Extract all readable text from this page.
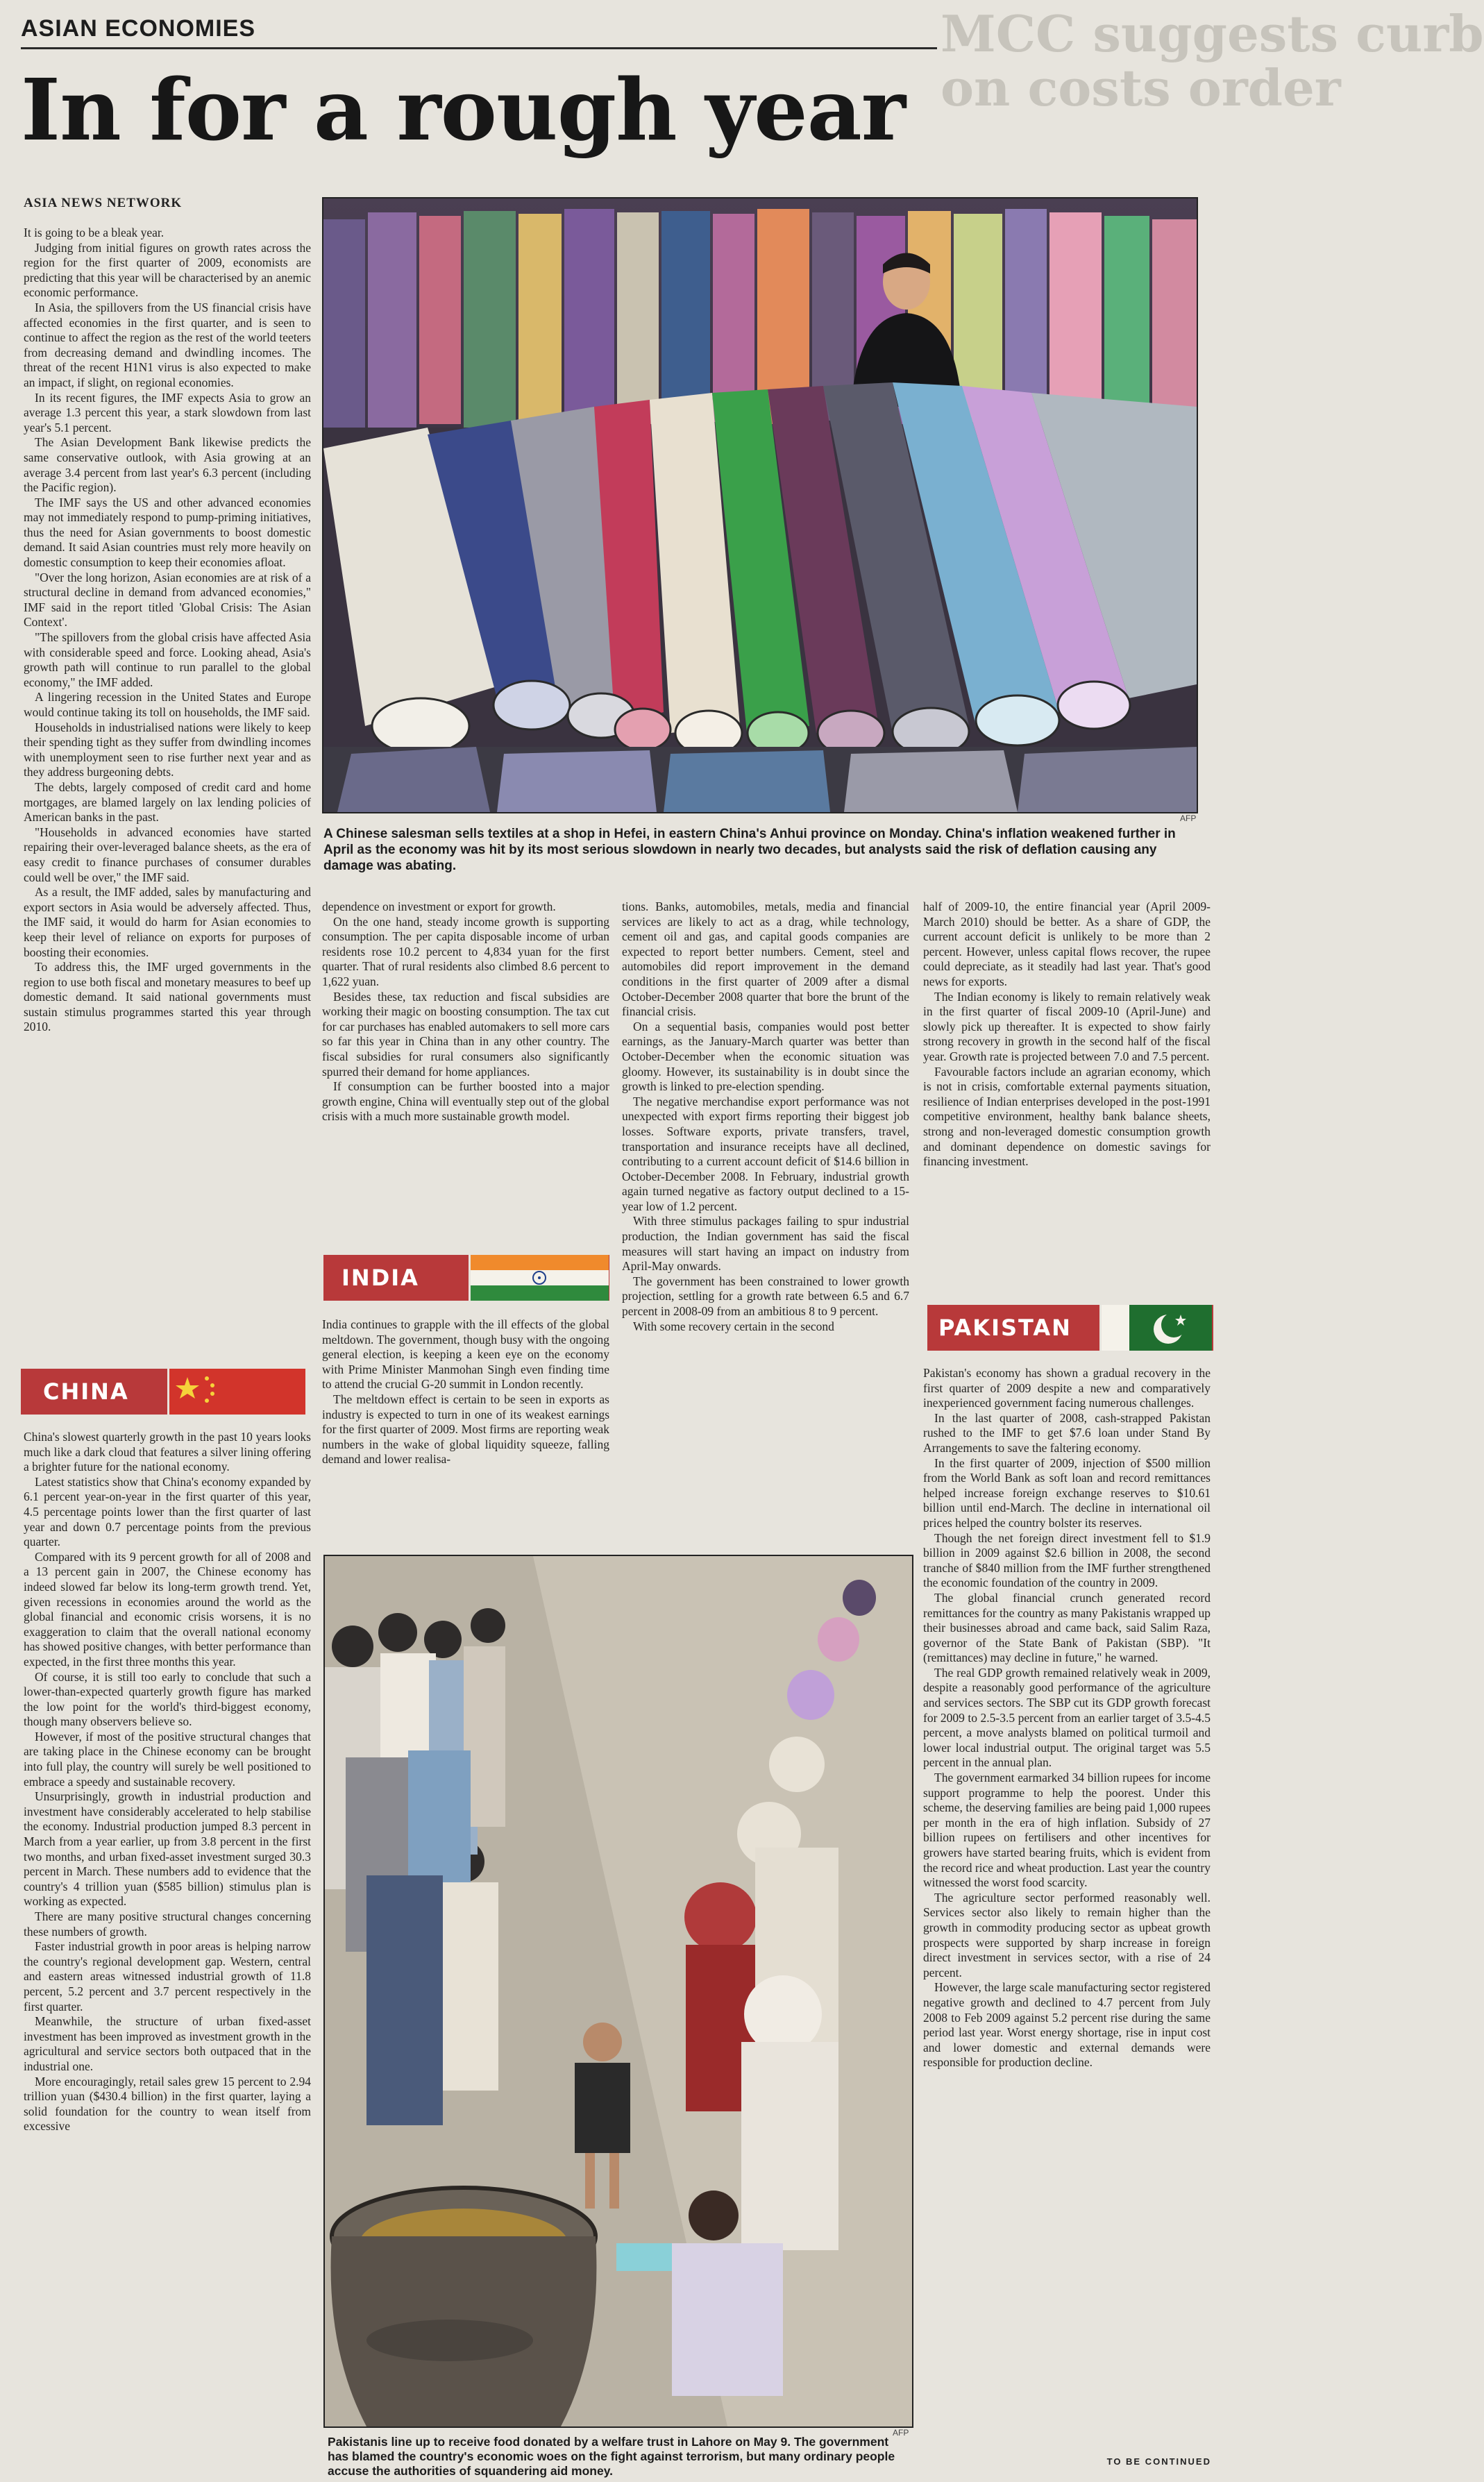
MCC suggests curb
on costs order
ASIAN ECONOMIES
In for a rough year
ASIA NEWS NETWORK

It is going to be a bleak year.

Judging from initial figures on growth rates across the region for the first quarter of 2009, economists are predicting that this year will be characterised by an anemic economic performance.

In Asia, the spillovers from the US financial crisis have affected economies in the first quarter, and is seen to continue to affect the region as the rest of the world teeters from decreasing demand and dwindling incomes. The threat of the recent H1N1 virus is also expected to make an impact, if slight, on regional economies.

In its recent figures, the IMF expects Asia to grow an average 1.3 percent this year, a stark slowdown from last year's 5.1 percent.

The Asian Development Bank likewise predicts the same conservative outlook, with Asia growing at an average 3.4 percent from last year's 6.3 percent (including the Pacific region).

The IMF says the US and other advanced economies may not immediately respond to pump-priming initiatives, thus the need for Asian governments to boost domestic demand. It said Asian countries must rely more heavily on domestic consumption to keep their economies afloat.

"Over the long horizon, Asian economies are at risk of a structural decline in demand from advanced economies," IMF said in the report titled 'Global Crisis: The Asian Context'.

"The spillovers from the global crisis have affected Asia with considerable speed and force. Looking ahead, Asia's growth path will continue to run parallel to the global economy," the IMF added.

A lingering recession in the United States and Europe would continue taking its toll on households, the IMF said.

Households in industrialised nations were likely to keep their spending tight as they suffer from dwindling incomes with unemployment seen to rise further next year and as they address burgeoning debts.

The debts, largely composed of credit card and home mortgages, are blamed largely on lax lending policies of American banks in the past.

"Households in advanced economies have started repairing their over-leveraged balance sheets, as the era of easy credit to finance purchases of consumer durables could well be over," the IMF said.

As a result, the IMF added, sales by manufacturing and export sectors in Asia would be adversely affected. Thus, the IMF said, it would do harm for Asian economies to keep their level of reliance on exports for purposes of boosting their economies.

To address this, the IMF urged governments in the region to use both fiscal and monetary measures to beef up domestic demand. It said national governments must sustain stimulus programmes started this year through 2010.

CHINA

China's slowest quarterly growth in the past 10 years looks much like a dark cloud that features a silver lining offering a brighter future for the national economy.

Latest statistics show that China's economy expanded by 6.1 percent year-on-year in the first quarter of this year, 4.5 percentage points lower than the first quarter of last year and down 0.7 percentage points from the previous quarter.

Compared with its 9 percent growth for all of 2008 and a 13 percent gain in 2007, the Chinese economy has indeed slowed far below its long-term growth trend. Yet, given recessions in economies around the world as the global financial and economic crisis worsens, it is no exaggeration to claim that the overall national economy has showed positive changes, with better performance than expected, in the first three months this year.

Of course, it is still too early to conclude that such a lower-than-expected quarterly growth figure has marked the low point for the world's third-biggest economy, though many observers believe so.

However, if most of the positive structural changes that are taking place in the Chinese economy can be brought into full play, the country will surely be well positioned to embrace a speedy and sustainable recovery.

Unsurprisingly, growth in industrial production and investment have considerably accelerated to help stabilise the economy. Industrial production jumped 8.3 percent in March from a year earlier, up from 3.8 percent in the first two months, and urban fixed-asset investment surged 30.3 percent in March. These numbers add to evidence that the country's 4 trillion yuan ($585 billion) stimulus plan is working as expected.

There are many positive structural changes concerning these numbers of growth.

Faster industrial growth in poor areas is helping narrow the country's regional development gap. Western, central and eastern areas witnessed industrial growth of 11.8 percent, 5.2 percent and 3.7 percent respectively in the first quarter.

Meanwhile, the structure of urban fixed-asset investment has been improved as investment growth in the agricultural and service sectors both outpaced that in the industrial one.

More encouragingly, retail sales grew 15 percent to 2.94 trillion yuan ($430.4 billion) in the first quarter, laying a solid foundation for the country to wean itself from excessive

AFP
A Chinese salesman sells textiles at a shop in Hefei, in eastern China's Anhui province on Monday. China's inflation weakened further in April as the economy was hit by its most serious slowdown in nearly two decades, but analysts said the risk of deflation causing any damage was abating.

dependence on investment or export for growth.

On the one hand, steady income growth is supporting consumption. The per capita disposable income of urban residents rose 10.2 percent to 4,834 yuan for the first quarter. That of rural residents also climbed 8.6 percent to 1,622 yuan.

Besides these, tax reduction and fiscal subsidies are working their magic on boosting consumption. The tax cut for car purchases has enabled automakers to sell more cars so far this year in China than in any other country. The fiscal subsidies for rural consumers also significantly spurred their demand for home appliances.

If consumption can be further boosted into a major growth engine, China will eventually step out of the global crisis with a much more sustainable growth model.

INDIA

India continues to grapple with the ill effects of the global meltdown. The government, though busy with the ongoing general election, is keeping a keen eye on the economy with Prime Minister Manmohan Singh even finding time to attend the crucial G-20 summit in London recently.

The meltdown effect is certain to be seen in exports as industry is expected to turn in one of its weakest earnings for the first quarter of 2009. Most firms are reporting weak numbers in the wake of global liquidity squeeze, falling demand and lower realisa-

tions. Banks, automobiles, metals, media and financial services are likely to act as a drag, while technology, cement oil and gas, and capital goods companies are expected to report better numbers. Cement, steel and automobiles did report improvement in the demand conditions in the first quarter of 2009 after a dismal October-December 2008 quarter that bore the brunt of the financial crisis.

On a sequential basis, companies would post better earnings, as the January-March quarter was better than October-December when the economic situation was gloomy. However, its sustainability is in doubt since the growth is linked to pre-election spending.

The negative merchandise export performance was not unexpected with export firms reporting their biggest job losses. Software exports, private transfers, travel, transportation and insurance receipts have all declined, contributing to a current account deficit of $14.6 billion in October-December 2008. In February, industrial growth again turned negative as factory output declined to a 15-year low of 1.2 percent.

With three stimulus packages failing to spur industrial production, the Indian government has said the fiscal measures will start having an impact on industry from April-May onwards.

The government has been constrained to lower growth projection, settling for a growth rate between 6.5 and 6.7 percent in 2008-09 from an ambitious 8 to 9 percent.

With some recovery certain in the second

half of 2009-10, the entire financial year (April 2009-March 2010) should be better. As a share of GDP, the current account deficit is unlikely to be more than 2 percent. However, unless capital flows recover, the rupee could depreciate, as it steadily had last year. That's good news for exports.

The Indian economy is likely to remain relatively weak in the first quarter of fiscal 2009-10 (April-June) and slowly pick up thereafter. It is expected to show fairly strong recovery in growth in the second half of the fiscal year. Growth rate is projected between 7.0 and 7.5 percent.

Favourable factors include an agrarian economy, which is not in crisis, comfortable external payments situation, resilience of Indian enterprises developed in the post-1991 competitive environment, healthy bank balance sheets, strong and non-leveraged domestic consumption growth and dominant dependence on domestic savings for financing investment.

PAKISTAN

Pakistan's economy has shown a gradual recovery in the first quarter of 2009 despite a new and comparatively inexperienced government facing numerous challenges.

In the last quarter of 2008, cash-strapped Pakistan rushed to the IMF to get $7.6 loan under Stand By Arrangements to save the faltering economy.

In the first quarter of 2009, injection of $500 million from the World Bank as soft loan and record remittances helped increase foreign exchange reserves to $10.61 billion until end-March. The decline in international oil prices helped the country bolster its reserves.

Though the net foreign direct investment fell to $1.9 billion in 2009 against $2.6 billion in 2008, the second tranche of $840 million from the IMF further strengthened the economic foundation of the country in 2009.

The global financial crunch generated record remittances for the country as many Pakistanis wrapped up their businesses abroad and came back, said Salim Raza, governor of the State Bank of Pakistan (SBP). "It (remittances) may decline in future," he warned.

The real GDP growth remained relatively weak in 2009, despite a reasonably good performance of the agriculture and services sectors. The SBP cut its GDP growth forecast for 2009 to 2.5-3.5 percent from an earlier target of 3.5-4.5 percent, a move analysts blamed on political turmoil and lower local industrial output. The original target was 5.5 percent in the annual plan.

The government earmarked 34 billion rupees for income support programme to help the poorest. Under this scheme, the deserving families are being paid 1,000 rupees per month in the era of high inflation. Subsidy of 27 billion rupees on fertilisers and other incentives for growers have started bearing fruits, which is evident from the record rice and wheat production. Last year the country witnessed the worst food scarcity.

The agriculture sector performed reasonably well. Services sector also likely to remain higher than the growth in commodity producing sector as upbeat growth prospects were supported by sharp increase in foreign direct investment in services sector, with a rise of 24 percent.

However, the large scale manufacturing sector registered negative growth and declined to 4.7 percent from July 2008 to Feb 2009 against 5.2 percent rise during the same period last year. Worst energy shortage, rise in input cost and lower domestic and external demands were responsible for production decline.

AFP
Pakistanis line up to receive food donated by a welfare trust in Lahore on May 9. The government has blamed the country's economic woes on the fight against terrorism, but many ordinary people accuse the authorities of squandering aid money.
TO BE CONTINUED
